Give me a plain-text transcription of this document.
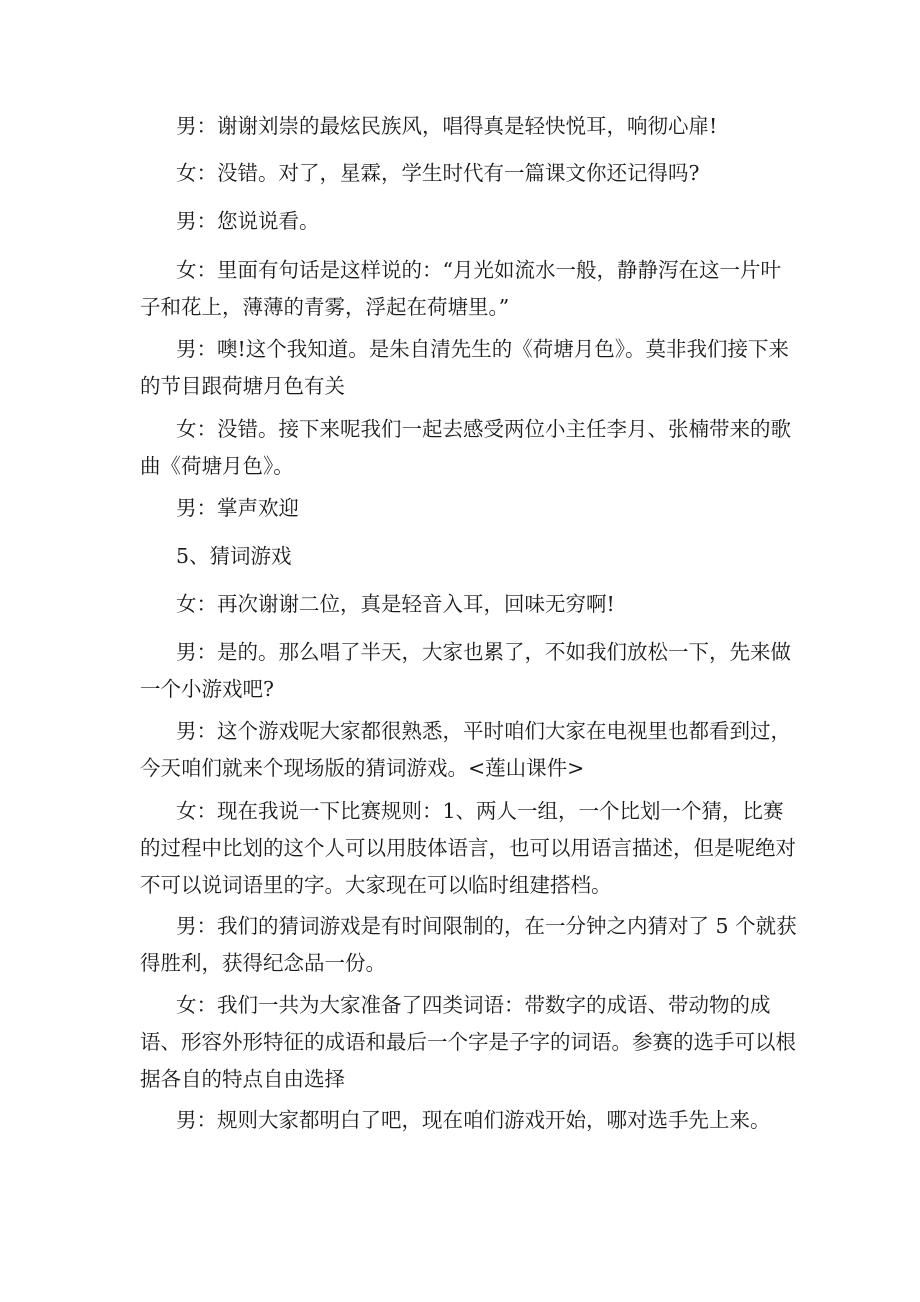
男：谢谢刘崇的最炫民族风，唱得真是轻快悦耳，响彻心扉!

女：没错。对了，星霖，学生时代有一篇课文你还记得吗?

男：您说说看。

女：里面有句话是这样说的：“月光如流水一般，静静泻在这一片叶子和花上，薄薄的青雾，浮起在荷塘里。”

男：噢!这个我知道。是朱自清先生的《荷塘月色》。莫非我们接下来的节目跟荷塘月色有关

女：没错。接下来呢我们一起去感受两位小主任李月、张楠带来的歌曲《荷塘月色》。

男：掌声欢迎

5、猜词游戏

女：再次谢谢二位，真是轻音入耳，回味无穷啊!

男：是的。那么唱了半天，大家也累了，不如我们放松一下，先来做一个小游戏吧?

男：这个游戏呢大家都很熟悉，平时咱们大家在电视里也都看到过，今天咱们就来个现场版的猜词游戏。<莲山课件>

女：现在我说一下比赛规则：1、两人一组，一个比划一个猜，比赛的过程中比划的这个人可以用肢体语言，也可以用语言描述，但是呢绝对不可以说词语里的字。大家现在可以临时组建搭档。

男：我们的猜词游戏是有时间限制的，在一分钟之内猜对了 5 个就获得胜利，获得纪念品一份。

女：我们一共为大家准备了四类词语：带数字的成语、带动物的成语、形容外形特征的成语和最后一个字是子字的词语。参赛的选手可以根据各自的特点自由选择

男：规则大家都明白了吧，现在咱们游戏开始，哪对选手先上来。
